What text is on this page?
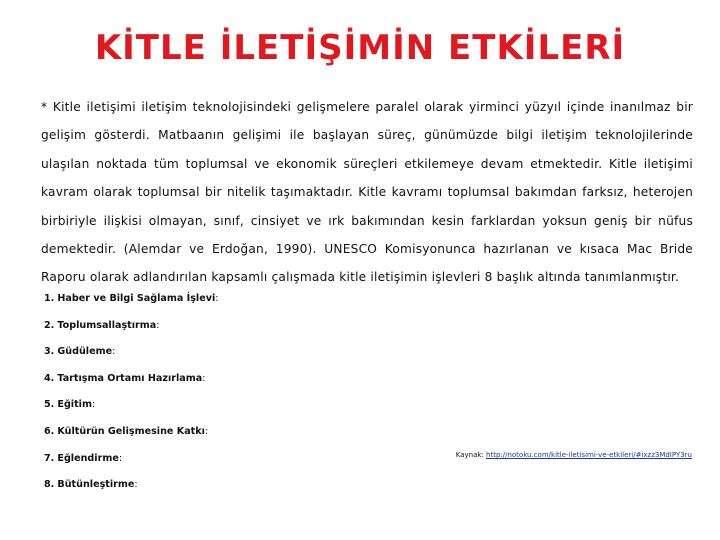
KİTLE İLETİŞİMİN ETKİLERİ
* Kitle iletişimi iletişim teknolojisindeki gelişmelere paralel olarak yirminci yüzyıl içinde inanılmaz bir gelişim gösterdi. Matbaanın gelişimi ile başlayan süreç, günümüzde bilgi iletişim teknolojilerinde ulaşılan noktada tüm toplumsal ve ekonomik süreçleri etkilemeye devam etmektedir. Kitle iletişimi kavram olarak toplumsal bir nitelik taşımaktadır. Kitle kavramı toplumsal bakımdan farksız, heterojen birbiriyle ilişkisi olmayan, sınıf, cinsiyet ve ırk bakımından kesin farklardan yoksun geniş bir nüfus demektedir. (Alemdar ve Erdoğan, 1990). UNESCO Komisyonunca hazırlanan ve kısaca Mac Bride Raporu olarak adlandırılan kapsamlı çalışmada kitle iletişimin işlevleri 8 başlık altında tanımlanmıştır.
1. Haber ve Bilgi Sağlama İşlevi:
2. Toplumsallaştırma:
3. Güdüleme:
4. Tartışma Ortamı Hazırlama:
5. Eğitim:
6. Kültürün Gelişmesine Katkı:
7. Eğlendirme:
8. Bütünleştirme:
Kaynak: http://notoku.com/kitle-iletisimi-ve-etkileri/#ixzz3MdIPY3ru
